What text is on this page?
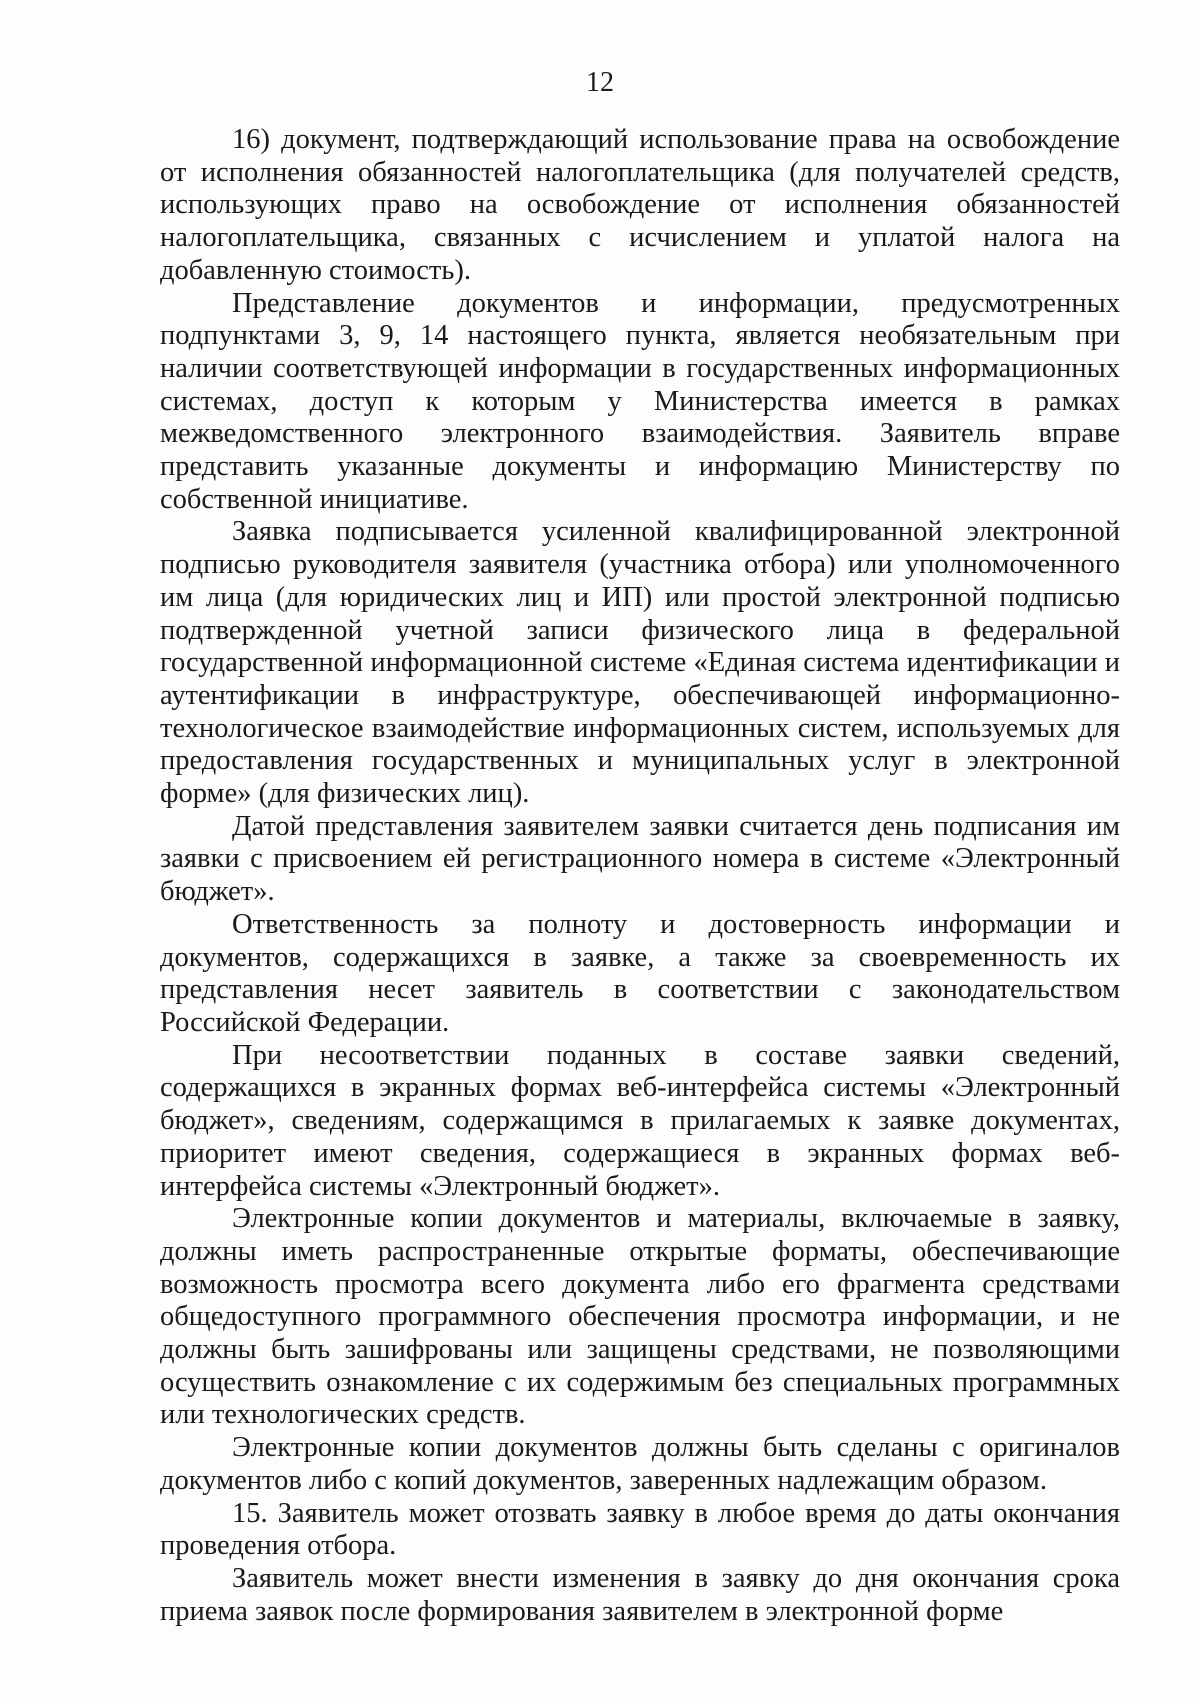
12

16) документ, подтверждающий использование права на освобождение от исполнения обязанностей налогоплательщика (для получателей средств, использующих право на освобождение от исполнения обязанностей налогоплательщика, связанных с исчислением и уплатой налога на добавленную стоимость).

Представление документов и информации, предусмотренных подпунктами 3, 9, 14 настоящего пункта, является необязательным при наличии соответствующей информации в государственных информационных системах, доступ к которым у Министерства имеется в рамках межведомственного электронного взаимодействия. Заявитель вправе представить указанные документы и информацию Министерству по собственной инициативе.

Заявка подписывается усиленной квалифицированной электронной подписью руководителя заявителя (участника отбора) или уполномоченного им лица (для юридических лиц и ИП) или простой электронной подписью подтвержденной учетной записи физического лица в федеральной государственной информационной системе «Единая система идентификации и аутентификации в инфраструктуре, обеспечивающей информационно-технологическое взаимодействие информационных систем, используемых для предоставления государственных и муниципальных услуг в электронной форме» (для физических лиц).

Датой представления заявителем заявки считается день подписания им заявки с присвоением ей регистрационного номера в системе «Электронный бюджет».

Ответственность за полноту и достоверность информации и документов, содержащихся в заявке, а также за своевременность их представления несет заявитель в соответствии с законодательством Российской Федерации.

При несоответствии поданных в составе заявки сведений, содержащихся в экранных формах веб-интерфейса системы «Электронный бюджет», сведениям, содержащимся в прилагаемых к заявке документах, приоритет имеют сведения, содержащиеся в экранных формах веб-интерфейса системы «Электронный бюджет».

Электронные копии документов и материалы, включаемые в заявку, должны иметь распространенные открытые форматы, обеспечивающие возможность просмотра всего документа либо его фрагмента средствами общедоступного программного обеспечения просмотра информации, и не должны быть зашифрованы или защищены средствами, не позволяющими осуществить ознакомление с их содержимым без специальных программных или технологических средств.

Электронные копии документов должны быть сделаны с оригиналов документов либо с копий документов, заверенных надлежащим образом.

15. Заявитель может отозвать заявку в любое время до даты окончания проведения отбора.

Заявитель может внести изменения в заявку до дня окончания срока приема заявок после формирования заявителем в электронной форме
